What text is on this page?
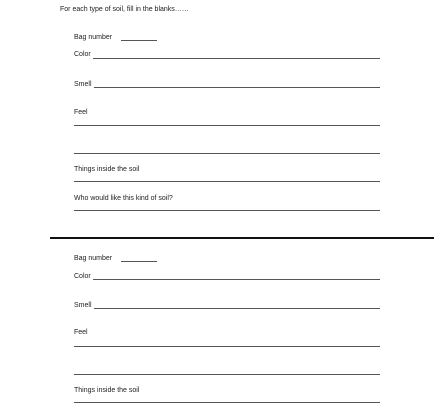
For each type of soil, fill in the blanks……
Bag number
Color
Smell
Feel
Things inside the soil
Who would like this kind of soil?
Bag number
Color
Smell
Feel
Things inside the soil
